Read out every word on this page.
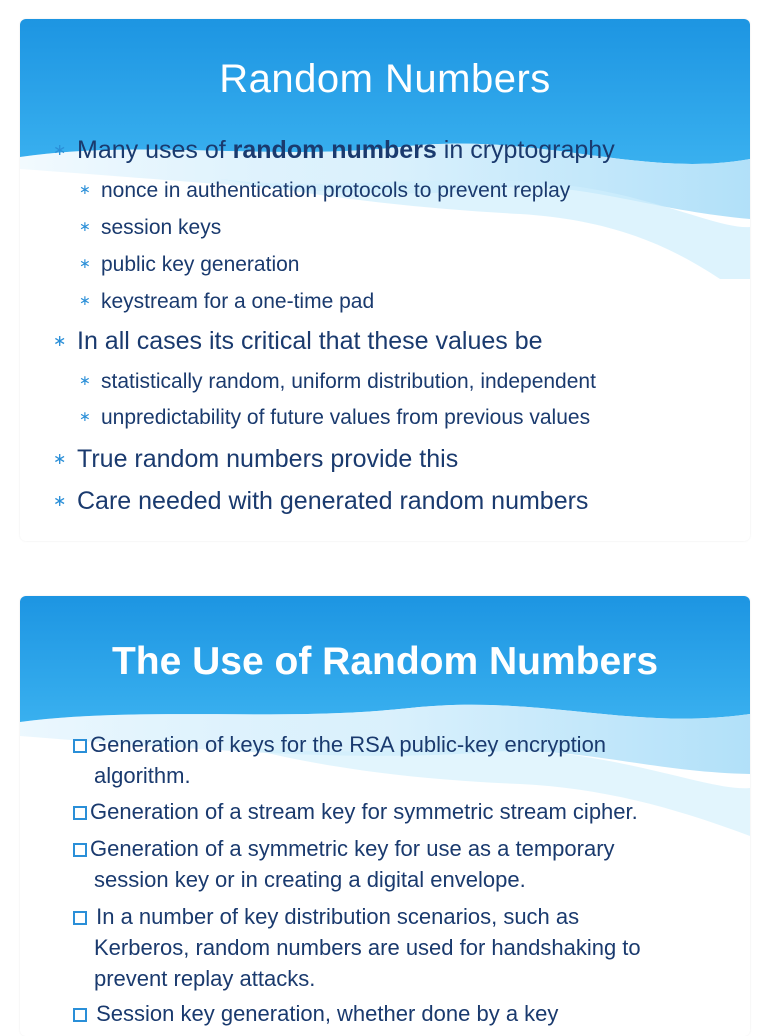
Random Numbers
∗ Many uses of random numbers in cryptography
∗ nonce in authentication protocols to prevent replay
∗ session keys
∗ public key generation
∗ keystream for a one-time pad
∗ In all cases its critical that these values be
∗ statistically random, uniform distribution, independent
∗ unpredictability of future values from previous values
∗ True random numbers provide this
∗ Care needed with generated random numbers
The Use of Random Numbers
Generation of keys for the RSA public-key encryption
algorithm.
Generation of a stream key for symmetric stream cipher.
Generation of a symmetric key for use as a temporary
session key or in creating a digital envelope.
In a number of key distribution scenarios, such as
Kerberos, random numbers are used for handshaking to
prevent replay attacks.
Session key generation, whether done by a key
